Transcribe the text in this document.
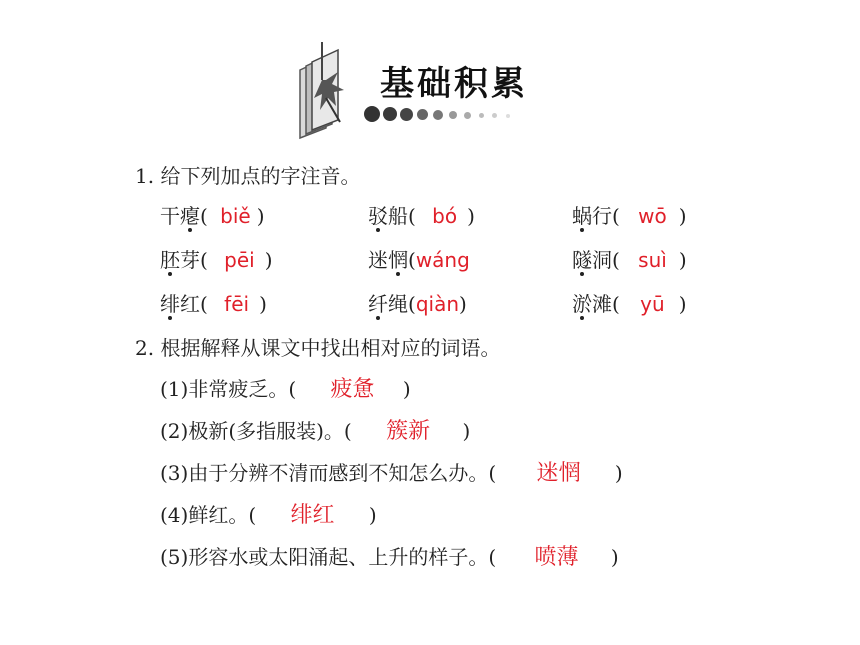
基础积累
1. 给下列加点的字注音。
干瘪( biě )	驳船( bó )	蜗行( wō )
胚芽( pēi )	迷惘(wáng	隧洞( suì )
绯红( fēi )	纤绳(qiàn)	淤滩( yū )
2. 根据解释从课文中找出相对应的词语。
(1)非常疲乏。( 疲惫 )
(2)极新(多指服装)。( 簇新 )
(3)由于分辨不清而感到不知怎么办。( 迷惘 )
(4)鲜红。( 绯红 )
(5)形容水或太阳涌起、上升的样子。( 喷薄 )
